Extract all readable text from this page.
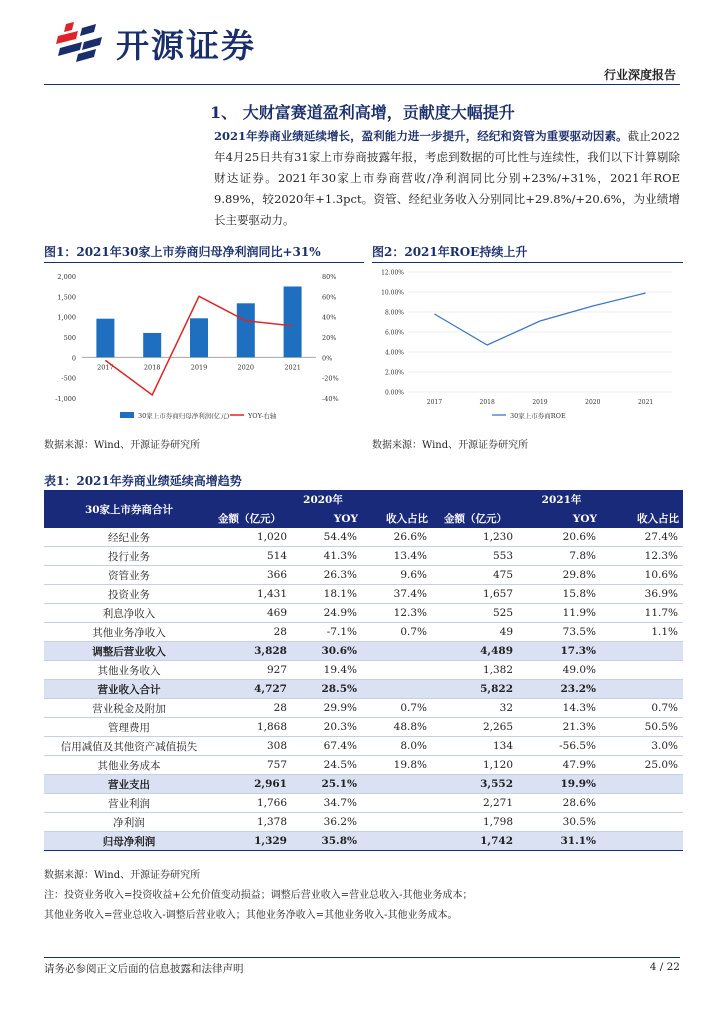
开源证券
行业深度报告
1、 大财富赛道盈利高增，贡献度大幅提升
2021年券商业绩延续增长，盈利能力进一步提升，经纪和资管为重要驱动因素。截止2022年4月25日共有31家上市券商披露年报，考虑到数据的可比性与连续性，我们以下计算剔除财达证券。2021年30家上市券商营收/净利润同比分别+23%/+31%，2021年ROE 9.89%，较2020年+1.3pct。资管、经纪业务收入分别同比+29.8%/+20.6%，为业绩增长主要驱动力。
图1：2021年30家上市券商归母净利润同比+31%
2,000
1,500
1,000
500
0
-500
-1,000
80%
60%
40%
20%
0%
-20%
-40%
2017	2018	2019	2020	2021
30家上市券商归母净利润(亿元)	YOY-右轴
数据来源：Wind、开源证券研究所
图2：2021年ROE持续上升
12.00%
10.00%
8.00%
6.00%
4.00%
2.00%
0.00%
2017	2018	2019	2020	2021
30家上市券商ROE
数据来源：Wind、开源证券研究所
表1：2021年券商业绩延续高增趋势
30家上市券商合计	2020年				2021年		
	金额（亿元）	YOY	收入占比		金额（亿元）	YOY	收入占比
经纪业务	1,020	54.4%	26.6%		1,230	20.6%	27.4%
投行业务	514	41.3%	13.4%		553	7.8%	12.3%
资管业务	366	26.3%	9.6%		475	29.8%	10.6%
投资业务	1,431	18.1%	37.4%		1,657	15.8%	36.9%
利息净收入	469	24.9%	12.3%		525	11.9%	11.7%
其他业务净收入	28	-7.1%	0.7%		49	73.5%	1.1%
调整后营业收入	3,828	30.6%			4,489	17.3%	
其他业务收入	927	19.4%			1,382	49.0%	
营业收入合计	4,727	28.5%			5,822	23.2%	
营业税金及附加	28	29.9%	0.7%		32	14.3%	0.7%
管理费用	1,868	20.3%	48.8%		2,265	21.3%	50.5%
信用减值及其他资产减值损失	308	67.4%	8.0%		134	-56.5%	3.0%
其他业务成本	757	24.5%	19.8%		1,120	47.9%	25.0%
营业支出	2,961	25.1%			3,552	19.9%	
营业利润	1,766	34.7%			2,271	28.6%	
净利润	1,378	36.2%			1,798	30.5%	
归母净利润	1,329	35.8%			1,742	31.1%	
数据来源：Wind、开源证券研究所
注：投资业务收入=投资收益+公允价值变动损益；调整后营业收入=营业总收入-其他业务成本；
其他业务收入=营业总收入-调整后营业收入；其他业务净收入=其他业务收入-其他业务成本。
请务必参阅正文后面的信息披露和法律声明	4 / 22
